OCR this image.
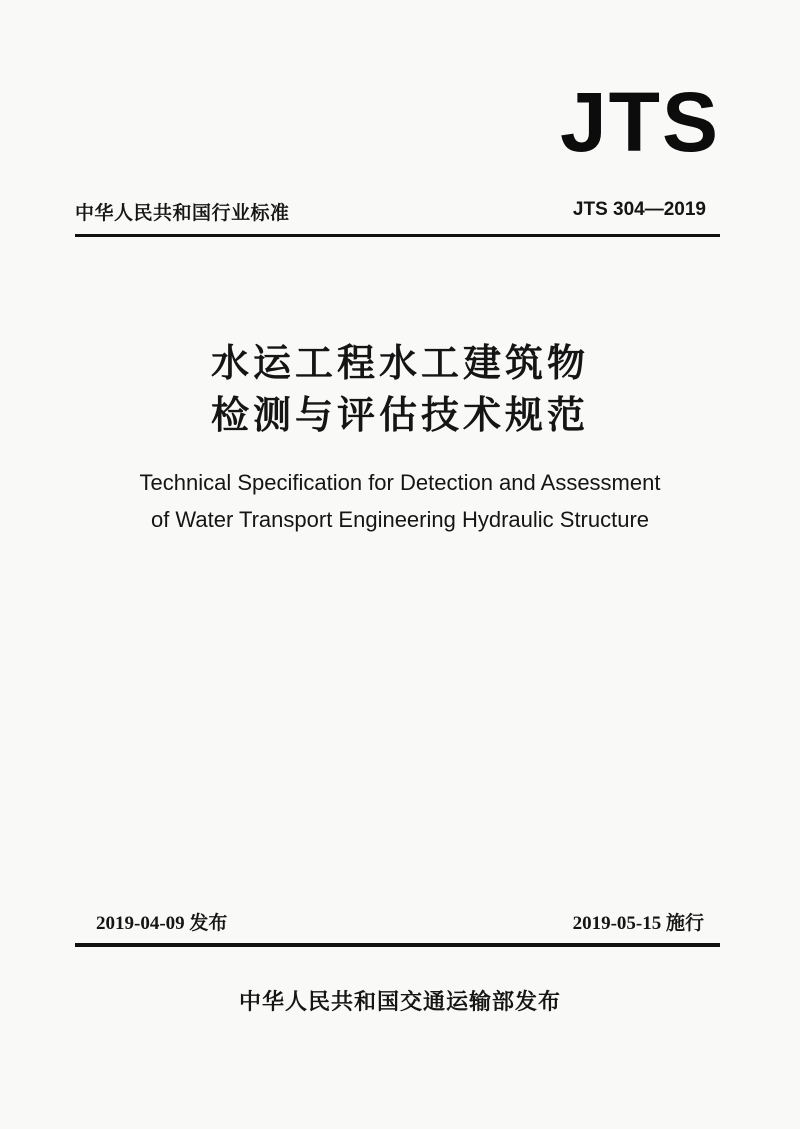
JTS
中华人民共和国行业标准	JTS 304—2019
水运工程水工建筑物
检测与评估技术规范
Technical Specification for Detection and Assessment
of Water Transport Engineering Hydraulic Structure
2019-04-09 发布	2019-05-15 施行
中华人民共和国交通运输部发布
